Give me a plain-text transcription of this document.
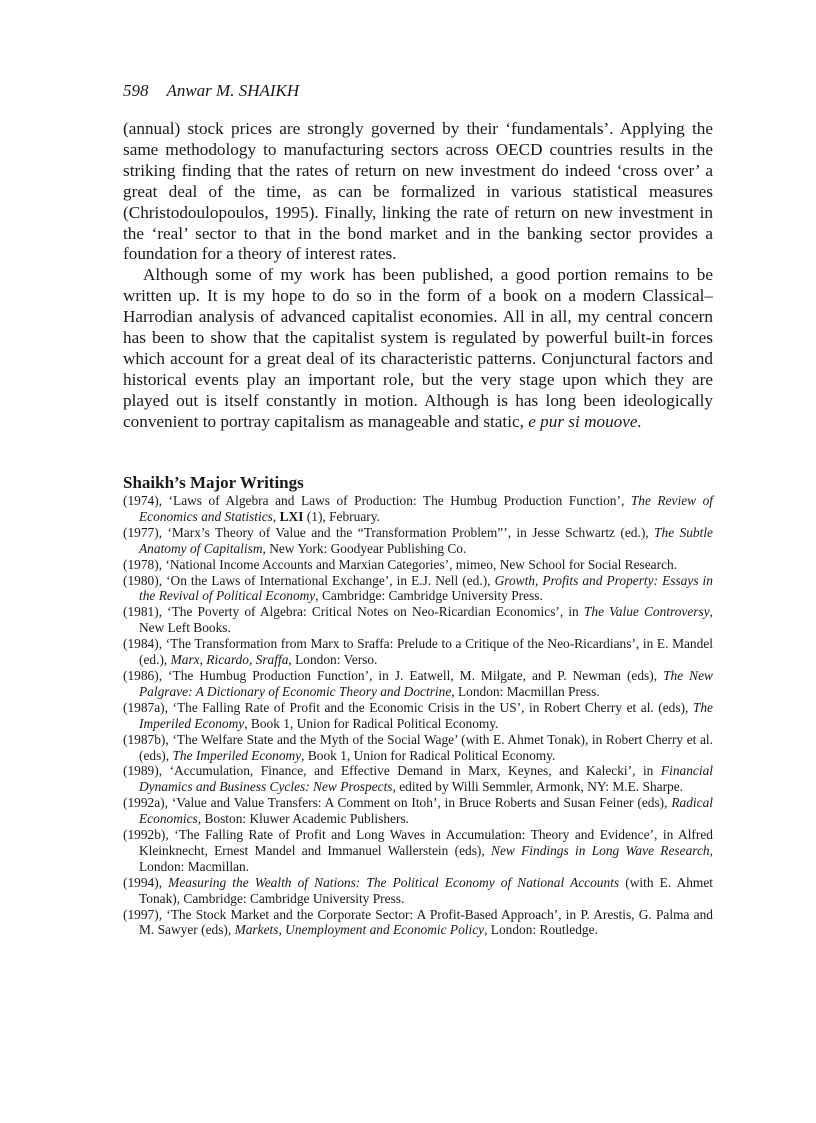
598 Anwar M. SHAIKH

(annual) stock prices are strongly governed by their ‘fundamentals’. Applying the same methodology to manufacturing sectors across OECD countries results in the striking finding that the rates of return on new investment do indeed ‘cross over’ a great deal of the time, as can be formalized in various statistical measures (Christodoulopoulos, 1995). Finally, linking the rate of return on new investment in the ‘real’ sector to that in the bond market and in the banking sector provides a foundation for a theory of interest rates.

Although some of my work has been published, a good portion remains to be written up. It is my hope to do so in the form of a book on a modern Classical–Harrodian analysis of advanced capitalist economies. All in all, my central concern has been to show that the capitalist system is regulated by powerful built-in forces which account for a great deal of its characteristic patterns. Conjunctural factors and historical events play an important role, but the very stage upon which they are played out is itself constantly in motion. Although is has long been ideologically convenient to portray capitalism as manageable and static, e pur si mouove.

Shaikh’s Major Writings

(1974), ‘Laws of Algebra and Laws of Production: The Humbug Production Function’, The Review of Economics and Statistics, LXI (1), February.

(1977), ‘Marx’s Theory of Value and the “Transformation Problem”’, in Jesse Schwartz (ed.), The Subtle Anatomy of Capitalism, New York: Goodyear Publishing Co.

(1978), ‘National Income Accounts and Marxian Categories’, mimeo, New School for Social Research.

(1980), ‘On the Laws of International Exchange’, in E.J. Nell (ed.), Growth, Profits and Property: Essays in the Revival of Political Economy, Cambridge: Cambridge University Press.

(1981), ‘The Poverty of Algebra: Critical Notes on Neo-Ricardian Economics’, in The Value Controversy, New Left Books.

(1984), ‘The Transformation from Marx to Sraffa: Prelude to a Critique of the Neo-Ricardians’, in E. Mandel (ed.), Marx, Ricardo, Sraffa, London: Verso.

(1986), ‘The Humbug Production Function’, in J. Eatwell, M. Milgate, and P. Newman (eds), The New Palgrave: A Dictionary of Economic Theory and Doctrine, London: Macmillan Press.

(1987a), ‘The Falling Rate of Profit and the Economic Crisis in the US’, in Robert Cherry et al. (eds), The Imperiled Economy, Book 1, Union for Radical Political Economy.

(1987b), ‘The Welfare State and the Myth of the Social Wage’ (with E. Ahmet Tonak), in Robert Cherry et al. (eds), The Imperiled Economy, Book 1, Union for Radical Political Economy.

(1989), ‘Accumulation, Finance, and Effective Demand in Marx, Keynes, and Kalecki’, in Financial Dynamics and Business Cycles: New Prospects, edited by Willi Semmler, Armonk, NY: M.E. Sharpe.

(1992a), ‘Value and Value Transfers: A Comment on Itoh’, in Bruce Roberts and Susan Feiner (eds), Radical Economics, Boston: Kluwer Academic Publishers.

(1992b), ‘The Falling Rate of Profit and Long Waves in Accumulation: Theory and Evidence’, in Alfred Kleinknecht, Ernest Mandel and Immanuel Wallerstein (eds), New Findings in Long Wave Research, London: Macmillan.

(1994), Measuring the Wealth of Nations: The Political Economy of National Accounts (with E. Ahmet Tonak), Cambridge: Cambridge University Press.

(1997), ‘The Stock Market and the Corporate Sector: A Profit-Based Approach’, in P. Arestis, G. Palma and M. Sawyer (eds), Markets, Unemployment and Economic Policy, London: Routledge.
